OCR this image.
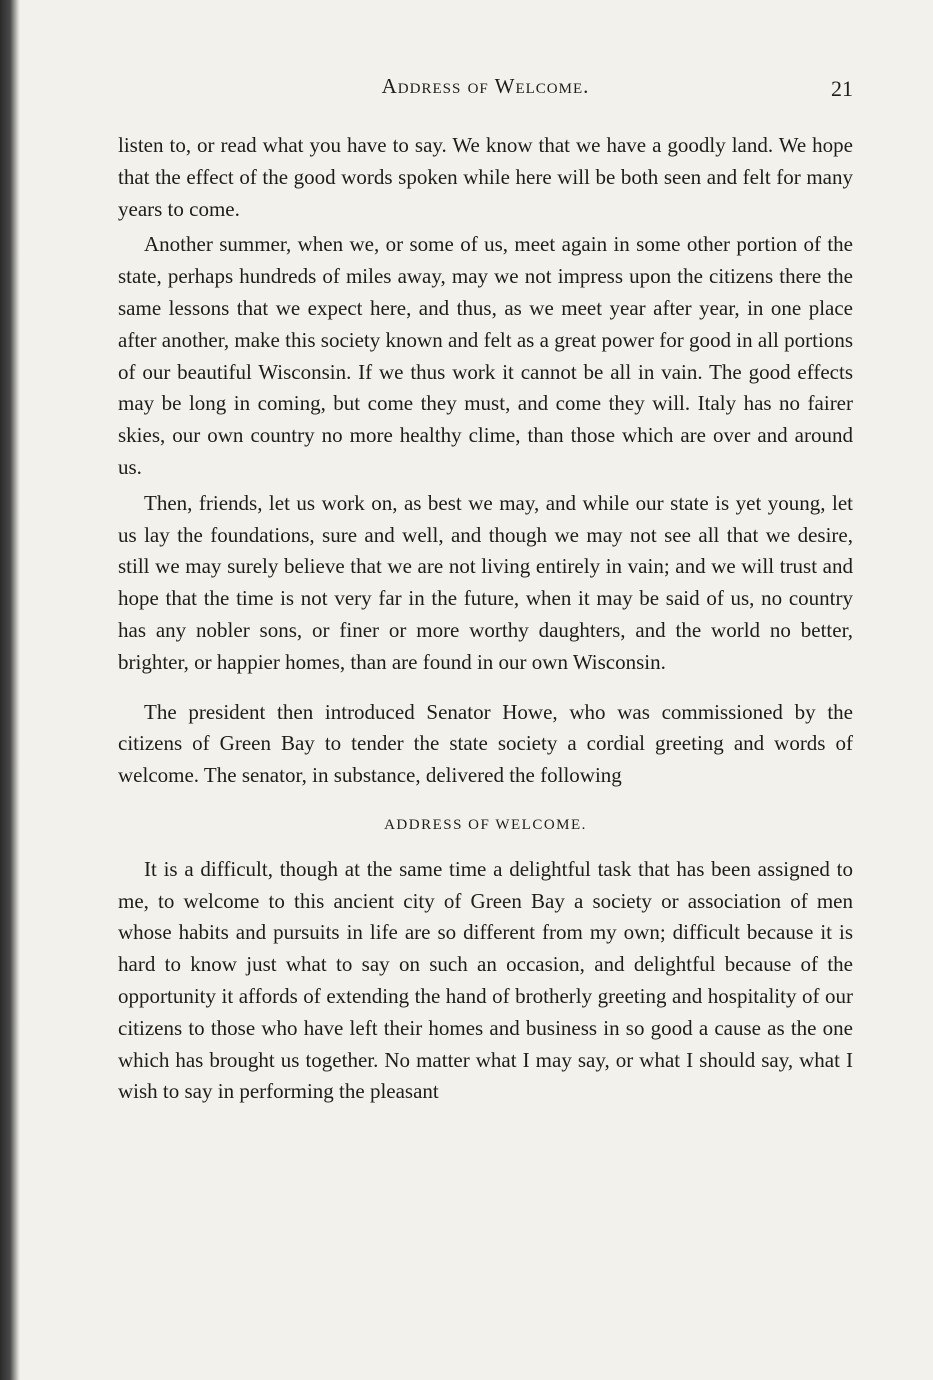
Address of Welcome.	21

listen to, or read what you have to say. We know that we have a goodly land. We hope that the effect of the good words spoken while here will be both seen and felt for many years to come.

Another summer, when we, or some of us, meet again in some other portion of the state, perhaps hundreds of miles away, may we not impress upon the citizens there the same lessons that we expect here, and thus, as we meet year after year, in one place after another, make this society known and felt as a great power for good in all portions of our beautiful Wisconsin. If we thus work it cannot be all in vain. The good effects may be long in coming, but come they must, and come they will. Italy has no fairer skies, our own country no more healthy clime, than those which are over and around us.

Then, friends, let us work on, as best we may, and while our state is yet young, let us lay the foundations, sure and well, and though we may not see all that we desire, still we may surely believe that we are not living entirely in vain; and we will trust and hope that the time is not very far in the future, when it may be said of us, no country has any nobler sons, or finer or more worthy daughters, and the world no better, brighter, or happier homes, than are found in our own Wisconsin.

The president then introduced Senator Howe, who was commissioned by the citizens of Green Bay to tender the state society a cordial greeting and words of welcome. The senator, in substance, delivered the following

ADDRESS OF WELCOME.

It is a difficult, though at the same time a delightful task that has been assigned to me, to welcome to this ancient city of Green Bay a society or association of men whose habits and pursuits in life are so different from my own; difficult because it is hard to know just what to say on such an occasion, and delightful because of the opportunity it affords of extending the hand of brotherly greeting and hospitality of our citizens to those who have left their homes and business in so good a cause as the one which has brought us together. No matter what I may say, or what I should say, what I wish to say in performing the pleasant
